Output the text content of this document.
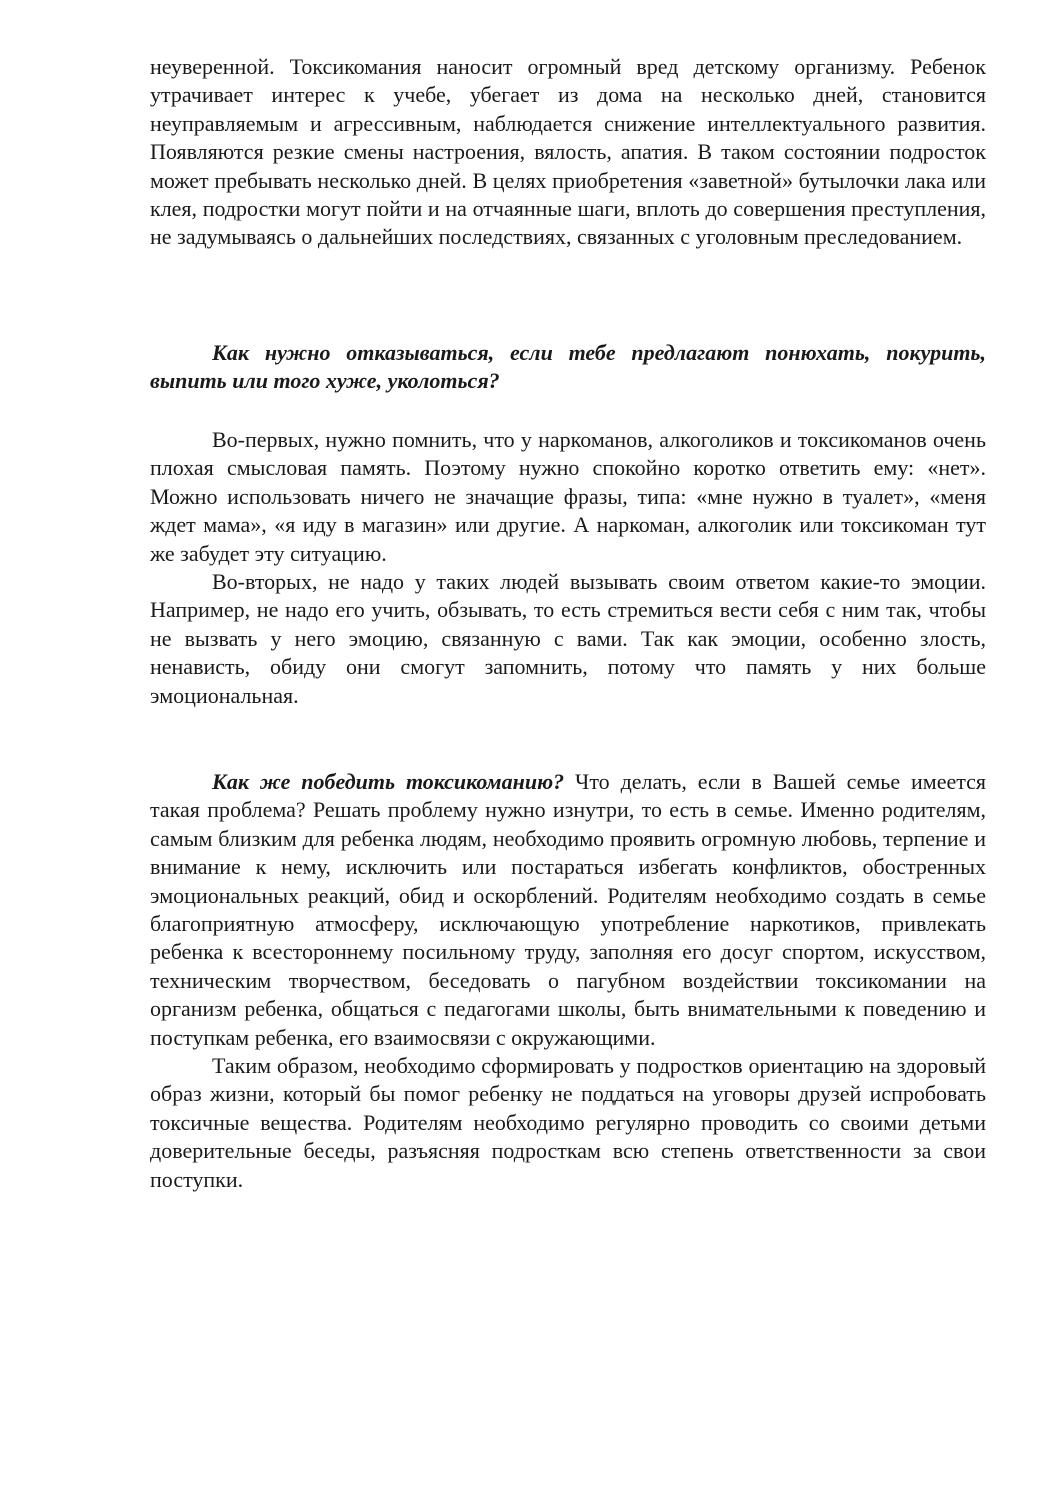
неуверенной. Токсикомания наносит огромный вред детскому организму. Ребенок утрачивает интерес к учебе, убегает из дома на несколько дней, становится неуправляемым и агрессивным, наблюдается снижение интеллектуального развития. Появляются резкие смены настроения, вялость, апатия. В таком состоянии подросток может пребывать несколько дней. В целях приобретения «заветной» бутылочки лака или клея, подростки могут пойти и на отчаянные шаги, вплоть до совершения преступления, не задумываясь о дальнейших последствиях, связанных с уголовным преследованием.

Как нужно отказываться, если тебе предлагают понюхать, покурить, выпить или того хуже, уколоться?

Во-первых, нужно помнить, что у наркоманов, алкоголиков и токсикоманов очень плохая смысловая память. Поэтому нужно спокойно коротко ответить ему: «нет». Можно использовать ничего не значащие фразы, типа: «мне нужно в туалет», «меня ждет мама», «я иду в магазин» или другие. А наркоман, алкоголик или токсикоман тут же забудет эту ситуацию.

Во-вторых, не надо у таких людей вызывать своим ответом какие-то эмоции. Например, не надо его учить, обзывать, то есть стремиться вести себя с ним так, чтобы не вызвать у него эмоцию, связанную с вами. Так как эмоции, особенно злость, ненависть, обиду они смогут запомнить, потому что память у них больше эмоциональная.

Как же победить токсикоманию? Что делать, если в Вашей семье имеется такая проблема? Решать проблему нужно изнутри, то есть в семье. Именно родителям, самым близким для ребенка людям, необходимо проявить огромную любовь, терпение и внимание к нему, исключить или постараться избегать конфликтов, обостренных эмоциональных реакций, обид и оскорблений. Родителям необходимо создать в семье благоприятную атмосферу, исключающую употребление наркотиков, привлекать ребенка к всестороннему посильному труду, заполняя его досуг спортом, искусством, техническим творчеством, беседовать о пагубном воздействии токсикомании на организм ребенка, общаться с педагогами школы, быть внимательными к поведению и поступкам ребенка, его взаимосвязи с окружающими.

Таким образом, необходимо сформировать у подростков ориентацию на здоровый образ жизни, который бы помог ребенку не поддаться на уговоры друзей испробовать токсичные вещества. Родителям необходимо регулярно проводить со своими детьми доверительные беседы, разъясняя подросткам всю степень ответственности за свои поступки.
